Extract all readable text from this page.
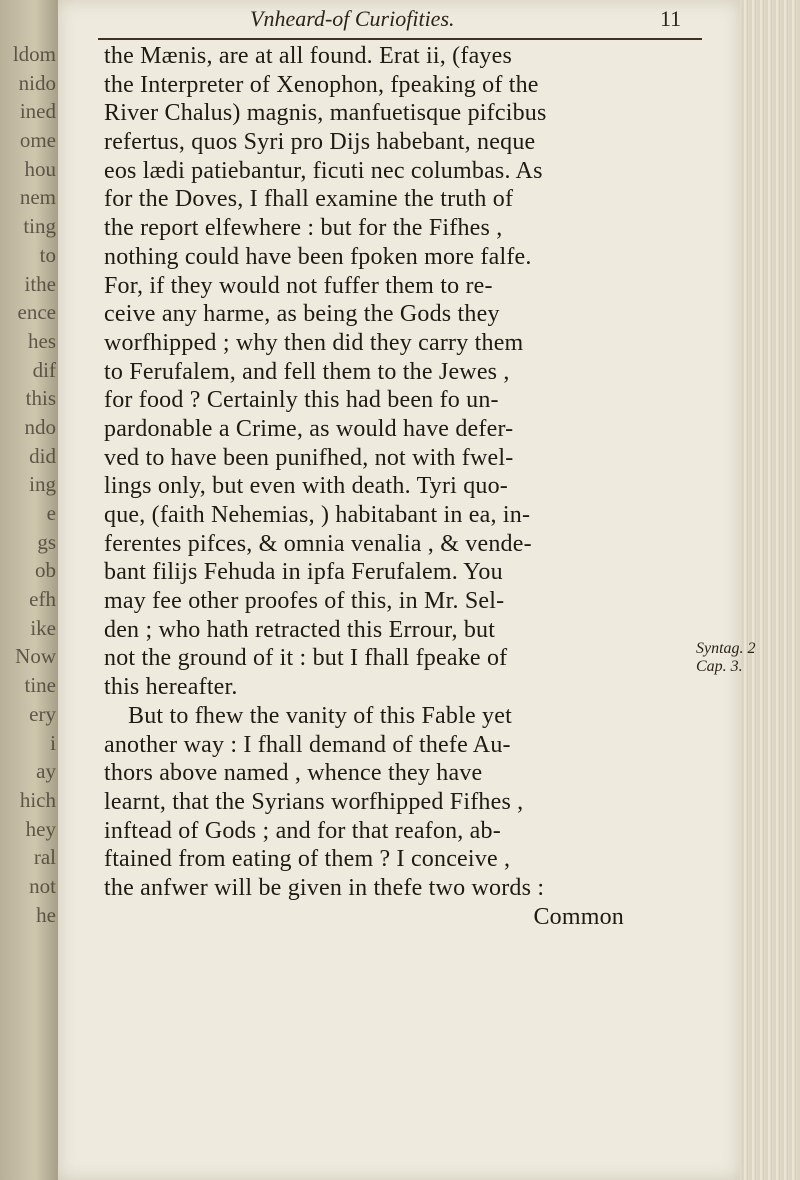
ldom
nido
ined
ome
hou
nem
ting
to
ithe
ence
hes
dif
this
ndo
did
ing
e
gs
ob
efh
ike
Now
tine
ery
i
ay
hich
hey
ral
not
he
Vnheard-of Curiofities.	11
the Mænis, are at all found. Erat ii, (fayes
the Interpreter of Xenophon, fpeaking of the
River Chalus) magnis, manfuetisque pifcibus
refertus, quos Syri pro Dijs habebant, neque
eos lædi patiebantur, ficuti nec columbas. As
for the Doves, I fhall examine the truth of
the report elfewhere : but for the Fifhes ,
nothing could have been fpoken more falfe.
For, if they would not fuffer them to re-
ceive any harme, as being the Gods they
worfhipped ; why then did they carry them
to Ferufalem, and fell them to the Jewes ,
for food ? Certainly this had been fo un-
pardonable a Crime, as would have defer-
ved to have been punifhed, not with fwel-
lings only, but even with death. Tyri quo-
que, (faith Nehemias, ) habitabant in ea, in-
ferentes pifces, & omnia venalia , & vende-
bant filijs Fehuda in ipfa Ferufalem. You
may fee other proofes of this, in Mr. Sel-
den ; who hath retracted this Errour, but
not the ground of it : but I fhall fpeake of
this hereafter.
But to fhew the vanity of this Fable yet
another way : I fhall demand of thefe Au-
thors above named , whence they have
learnt, that the Syrians worfhipped Fifhes ,
inftead of Gods ; and for that reafon, ab-
ftained from eating of them ? I conceive ,
the anfwer will be given in thefe two words :
Common
Syntag. 2
Cap. 3.
